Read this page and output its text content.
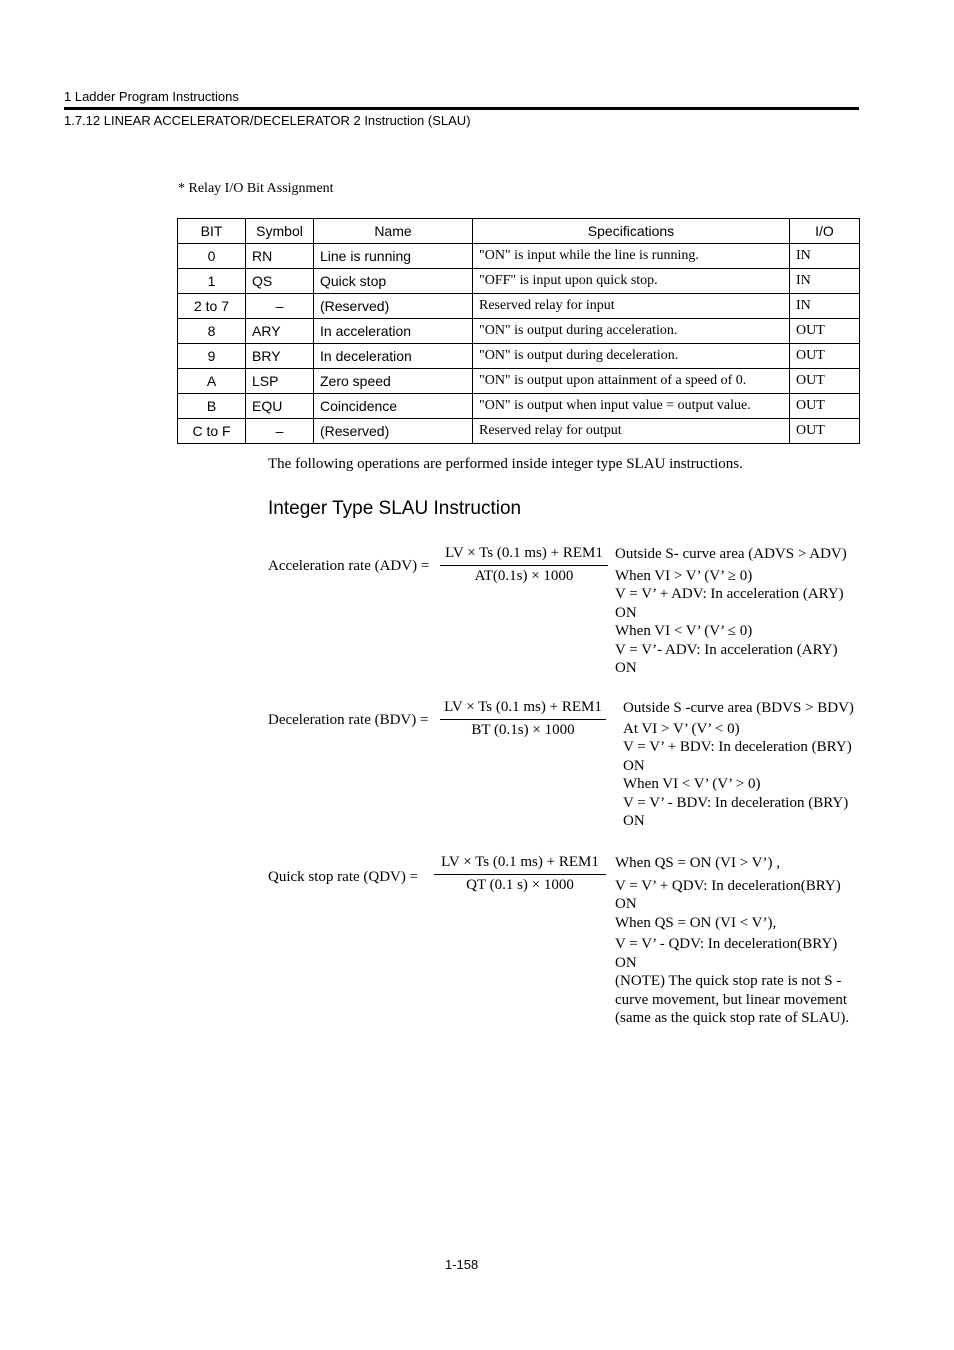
1 Ladder Program Instructions
1.7.12 LINEAR ACCELERATOR/DECELERATOR 2 Instruction (SLAU)
* Relay I/O Bit Assignment
BIT	Symbol	Name	Specifications	I/O
0	RN	Line is running	"ON" is input while the line is running.	IN
1	QS	Quick stop	"OFF" is input upon quick stop.	IN
2 to 7	–	(Reserved)	Reserved relay for input	IN
8	ARY	In acceleration	"ON" is output during acceleration.	OUT
9	BRY	In deceleration	"ON" is output during deceleration.	OUT
A	LSP	Zero speed	"ON" is output upon attainment of a speed of 0.	OUT
B	EQU	Coincidence	"ON" is output when input value = output value.	OUT
C to F	–	(Reserved)	Reserved relay for output	OUT
The following operations are performed inside integer type SLAU instructions.
Integer Type SLAU Instruction
Acceleration rate (ADV) =
LV × Ts (0.1 ms) + REM1
AT(0.1s) × 1000
Outside S- curve area (ADVS > ADV)
When VI > V’ (V’ ≥ 0)
V = V’ + ADV: In acceleration (ARY)
ON
When VI < V’ (V’ ≤ 0)
V = V’- ADV: In acceleration (ARY)
ON
Deceleration rate (BDV) =
LV × Ts (0.1 ms) + REM1
BT (0.1s) × 1000
Outside S -curve area (BDVS > BDV)
At VI > V’ (V’ < 0)
V = V’ + BDV: In deceleration (BRY)
ON
When VI < V’ (V’ > 0)
V = V’ - BDV: In deceleration (BRY)
ON
Quick stop rate (QDV) =
LV × Ts (0.1 ms) + REM1
QT (0.1 s) × 1000
When QS = ON (VI > V’) ,
V = V’ + QDV: In deceleration(BRY)
ON
When QS = ON (VI < V’),
V = V’ - QDV: In deceleration(BRY)
ON
(NOTE) The quick stop rate is not S -
curve movement, but linear movement
(same as the quick stop rate of SLAU).
1-158
